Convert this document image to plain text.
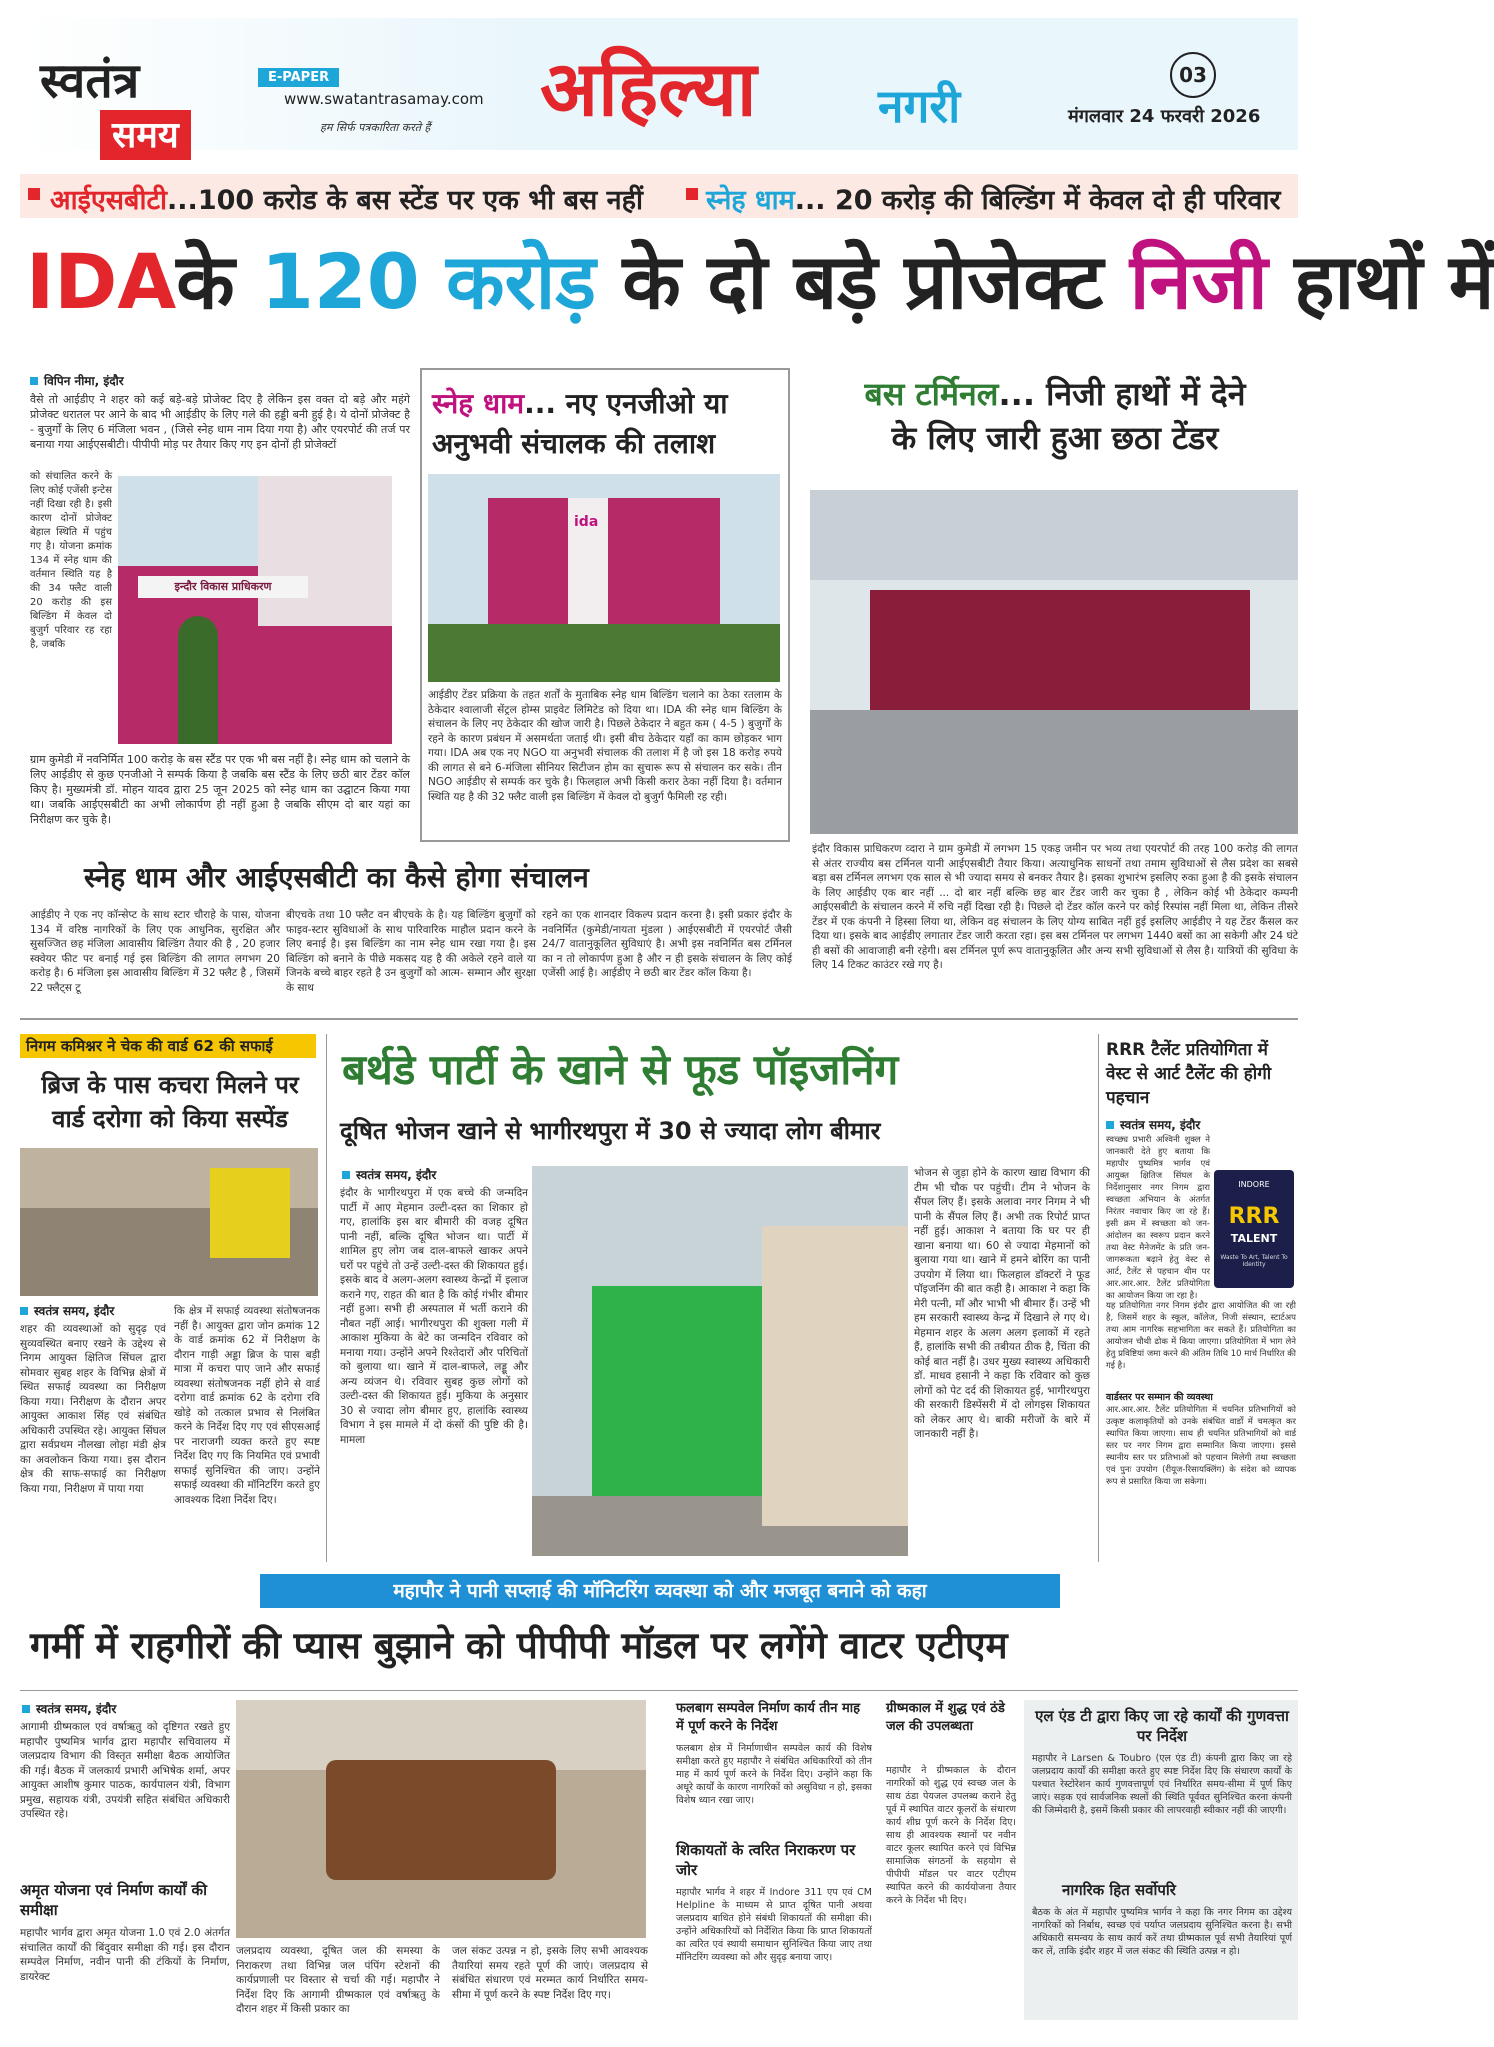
स्वतंत्र
समय
E-PAPER
www.swatantrasamay.com
हम सिर्फ पत्रकारिता करते हैं अहिल्या	नगरी
03
मंगलवार 24 फरवरी 2026
आईएसबीटी...100 करोड के बस स्टेंड पर एक भी बस नहीं स्नेह धाम... 20 करोड़ की बिल्डिंग में केवल दो ही परिवार
IDAके 120 करोड़ के दो बड़े प्रोजेक्ट निजी हाथों में
विपिन नीमा, इंदौर
वैसे तो आईडीए ने शहर को कई बड़े-बड़े प्रोजेक्ट दिए है लेकिन इस वक्त दो बड़े और महंगे प्रोजेक्ट धरातल पर आने के बाद भी आईडीए के लिए गले की हड्डी बनी हुई है। ये दोनों प्रोजेक्ट है - बुजुर्गों के लिए 6 मंजिला भवन , (जिसे स्नेह धाम नाम दिया गया है) और एयरपोर्ट की तर्ज पर बनाया गया आईएसबीटी। पीपीपी मोड़ पर तैयार किए गए इन दोनों ही प्रोजेक्टों
को संचालित करने के लिए कोई एजेंसी इन्टेस नहीं दिखा रही है। इसी कारण दोनों प्रोजेक्ट बेहाल स्थिति में पहुंच गए है। योजना क्रमांक 134 में स्नेह धाम की वर्तमान स्थिति यह है की 34 फ्लैट वाली 20 करोड़ की इस बिल्डिंग में केवल दो बुजुर्ग परिवार रह रहा है, जबकि
इन्दौर विकास प्राधिकरण
ग्राम कुमेडी में नवनिर्मित 100 करोड़ के बस स्टैंड पर एक भी बस नहीं है। स्नेह धाम को चलाने के लिए आईडीए से कुछ एनजीओ ने सम्पर्क किया है जबकि बस स्टैंड के लिए छठी बार टेंडर कॉल किए है। मुख्यमंत्री डॉ. मोहन यादव द्वारा 25 जून 2025 को स्नेह धाम का उद्घाटन किया गया था। जबकि आईएसबीटी का अभी लोकार्पण ही नहीं हुआ है जबकि सीएम दो बार यहां का निरीक्षण कर चुके है।
स्नेह धाम... नए एनजीओ या अनुभवी संचालक की तलाश
ida
आईडीए टेंडर प्रक्रिया के तहत शर्तों के मुताबिक स्नेह धाम बिल्डिंग चलाने का ठेका रतलाम के ठेकेदार श्वालाजी सेंट्रल होम्स प्राइवेट लिमिटेड को दिया था। IDA की स्नेह धाम बिल्डिंग के संचालन के लिए नए ठेकेदार की खोज जारी है। पिछले ठेकेदार ने बहुत कम ( 4-5 ) बुजुर्गों के रहने के कारण प्रबंधन में असमर्थता जताई थी। इसी बीच ठेकेदार यहाँ का काम छोड़कर भाग गया। IDA अब एक नए NGO या अनुभवी संचालक की तलाश में है जो इस 18 करोड़ रुपये की लागत से बने 6-मंजिला सीनियर सिटीजन होम का सुचारू रूप से संचालन कर सके। तीन NGO आईडीए से सम्पर्क कर चुके है। फिलहाल अभी किसी करार ठेका नहीं दिया है। वर्तमान स्थिति यह है की 32 फ्लैट वाली इस बिल्डिंग में केवल दो बुजुर्ग फैमिली रह रही।
बस टर्मिनल... निजी हाथों में देने
के लिए जारी हुआ छठा टेंडर
इंदौर विकास प्राधिकरण व्दारा ने ग्राम कुमेडी में लगभग 15 एकड़ जमीन पर भव्य तथा एयरपोर्ट की तरह 100 करोड़ की लागत से अंतर राज्यीय बस टर्मिनल यानी आईएसबीटी तैयार किया। अत्याधुनिक साधनों तथा तमाम सुविधाओं से लैस प्रदेश का सबसे बड़ा बस टर्मिनल लगभग एक साल से भी ज्यादा समय से बनकर तैयार है। इसका शुभारंभ इसलिए रुका हुआ है की इसके संचालन के लिए आईडीए एक बार नहीं ... दो बार नहीं बल्कि छह बार टेंडर जारी कर चुका है , लेकिन कोई भी ठेकेदार कम्पनी आईएसबीटी के संचालन करने में रुचि नहीं दिखा रही है। पिछले दो टेंडर कॉल करने पर कोई रिस्पांस नहीं मिला था, लेकिन तीसरे टेंडर में एक कंपनी ने हिस्सा लिया था, लेकिन वह संचालन के लिए योग्य साबित नहीं हुई इसलिए आईडीए ने यह टेंडर कैंसल कर दिया था। इसके बाद आईडीए लगातार टेंडर जारी करता रहा। इस बस टर्मिनल पर लगभग 1440 बसों का आ सकेगी और 24 घंटे ही बसों की आवाजाही बनी रहेगी। बस टर्मिनल पूर्ण रूप वातानुकूलित और अन्य सभी सुविधाओं से लैस है। यात्रियों की सुविधा के लिए 14 टिकट काउंटर रखे गए है।
स्नेह धाम और आईएसबीटी का कैसे होगा संचालन
आईडीए ने एक नए कॉन्सेप्ट के साथ स्टार चौराहे के पास, योजना 134 में वरिष्ठ नागरिकों के लिए एक आधुनिक, सुरक्षित और सुसज्जित छह मंजिला आवासीय बिल्डिंग तैयार की है , 20 हजार स्क्वेयर फीट पर बनाई गई इस बिल्डिंग की लागत लगभग 20 करोड़ है। 6 मंजिला इस आवासीय बिल्डिंग में 32 फ्लैट है , जिसमें 22 फ्लैट्स टू
बीएचके तथा 10 फ्लैट वन बीएचके के है। यह बिल्डिंग बुजुर्गों को फाइव-स्टार सुविधाओं के साथ पारिवारिक माहौल प्रदान करने के लिए बनाई है। इस बिल्डिंग का नाम स्नेह धाम रखा गया है। इस बिल्डिंग को बनाने के पीछे मकसद यह है की अकेले रहने वाले या जिनके बच्चे बाहर रहते है उन बुजुर्गों को आत्म- सम्मान और सुरक्षा के साथ
रहने का एक शानदार विकल्प प्रदान करना है। इसी प्रकार इंदौर के नवनिर्मित (कुमेडी/नायता मुंडला ) आईएसबीटी में एयरपोर्ट जैसी 24/7 वातानुकूलित सुविधाएं है। अभी इस नवनिर्मित बस टर्मिनल का न तो लोकार्पण हुआ है और न ही इसके संचालन के लिए कोई एजेंसी आई है। आईडीए ने छठी बार टेंडर कॉल किया है।
निगम कमिश्नर ने चेक की वार्ड 62 की सफाई
ब्रिज के पास कचरा मिलने पर वार्ड दरोगा को किया सस्पेंड
स्वतंत्र समय, इंदौर
शहर की व्यवस्थाओं को सुदृढ़ एवं सुव्यवस्थित बनाए रखने के उद्देश्य से निगम आयुक्त क्षितिज सिंघल द्वारा सोमवार सुबह शहर के विभिन्न क्षेत्रों में स्थित सफाई व्यवस्था का निरीक्षण किया गया। निरीक्षण के दौरान अपर आयुक्त आकाश सिंह एवं संबंधित अधिकारी उपस्थित रहे। आयुक्त सिंघल द्वारा सर्वप्रथम नौलखा लोहा मंडी क्षेत्र का अवलोकन किया गया। इस दौरान क्षेत्र की साफ-सफाई का निरीक्षण किया गया, निरीक्षण में पाया गया
कि क्षेत्र में सफाई व्यवस्था संतोषजनक नहीं है। आयुक्त द्वारा जोन क्रमांक 12 के वार्ड क्रमांक 62 में निरीक्षण के दौरान गाड़ी अड्डा ब्रिज के पास बड़ी मात्रा में कचरा पाए जाने और सफाई व्यवस्था संतोषजनक नहीं होने से वार्ड दरोगा वार्ड क्रमांक 62 के दरोगा रवि खोड़े को तत्काल प्रभाव से निलंबित करने के निर्देश दिए गए एवं सीएसआई पर नाराजगी व्यक्त करते हुए स्पष्ट निर्देश दिए गए कि नियमित एवं प्रभावी सफाई सुनिश्चित की जाए। उन्होंने सफाई व्यवस्था की मॉनिटरिंग करते हुए आवश्यक दिशा निर्देश दिए।
बर्थडे पार्टी के खाने से फूड पॉइजनिंग
दूषित भोजन खाने से भागीरथपुरा में 30 से ज्यादा लोग बीमार
स्वतंत्र समय, इंदौर
इंदौर के भागीरथपुरा में एक बच्चे की जन्मदिन पार्टी में आए मेहमान उल्टी-दस्त का शिकार हो गए, हालांकि इस बार बीमारी की वजह दूषित पानी नहीं, बल्कि दूषित भोजन था। पार्टी में शामिल हुए लोग जब दाल-बाफले खाकर अपने घरों पर पहुंचे तो उन्हें उल्टी-दस्त की शिकायत हुई। इसके बाद वे अलग-अलग स्वास्थ्य केन्द्रों में इलाज कराने गए, राहत की बात है कि कोई गंभीर बीमार नहीं हुआ। सभी ही अस्पताल में भर्ती कराने की नौबत नहीं आई। भागीरथपुरा की शुक्ला गली में आकाश मुकिया के बेटे का जन्मदिन रविवार को मनाया गया। उन्होंने अपने रिश्तेदारों और परिचितों को बुलाया था। खाने में दाल-बाफले, लड्डू और अन्य व्यंजन थे। रविवार सुबह कुछ लोगों को उल्टी-दस्त की शिकायत हुई। मुकिया के अनुसार 30 से ज्यादा लोग बीमार हुए, हालांकि स्वास्थ्य विभाग ने इस मामले में दो कंसों की पुष्टि की है। मामला
भोजन से जुड़ा होने के कारण खाद्य विभाग की टीम भी चौक पर पहुंची। टीम ने भोजन के सैंपल लिए हैं। इसके अलावा नगर निगम ने भी पानी के सैंपल लिए हैं। अभी तक रिपोर्ट प्राप्त नहीं हुई। आकाश ने बताया कि घर पर ही खाना बनाया था। 60 से ज्यादा मेहमानों को बुलाया गया था। खाने में हमने बोरिंग का पानी उपयोग में लिया था। फिलहाल डॉक्टरों ने फूड पॉइजनिंग की बात कही है। आकाश ने कहा कि मेरी पत्नी, माँ और भाभी भी बीमार हैं। उन्हें भी हम सरकारी स्वास्थ्य केन्द्र में दिखाने ले गए थे। मेहमान शहर के अलग अलग इलाकों में रहते हैं, हालांकि सभी की तबीयत ठीक है, चिंता की कोई बात नहीं है। उधर मुख्य स्वास्थ्य अधिकारी डॉ. माधव हसानी ने कहा कि रविवार को कुछ लोगों को पेट दर्द की शिकायत हुई, भागीरथपुरा की सरकारी डिस्पेंसरी में दो लोगइस शिकायत को लेकर आए थे। बाकी मरीजों के बारे में जानकारी नहीं है।
RRR टैलेंट प्रतियोगिता में वेस्ट से आर्ट टैलेंट की होगी पहचान
स्वतंत्र समय, इंदौर
स्वच्छ्य प्रभारी अश्विनी शुक्ल ने जानकारी देते हुए बताया कि महापौर पुष्यमित्र भार्गव एवं आयुक्त क्षितिज सिंघल के निर्देशानुसार नगर निगम द्वारा स्वच्छता अभियान के अंतर्गत निरंतर नवाचार किए जा रहे हैं। इसी क्रम में स्वच्छता को जन-आंदोलन का स्वरूप प्रदान करने तथा वेस्ट मैनेजमेंट के प्रति जन-जागरूकता बढ़ाने हेतु वेस्ट से आर्ट, टैलेंट से पहचान थीम पर आर.आर.आर. टैलेंट प्रतियोगिता का आयोजन किया जा रहा है।
INDORE
RRR
TALENT
Waste To Art, Talent To Identity
यह प्रतियोगिता नगर निगम इंदौर द्वारा आयोजित की जा रही है, जिसमें शहर के स्कूल, कॉलेज, निजी संस्थान, स्टार्टअप तथा आम नागरिक सहभागिता कर सकते हैं। प्रतियोगिता का आयोजन चौथी ढोक में किया जाएगा। प्रतियोगिता में भाग लेने हेतु प्रविष्टियां जमा करने की अंतिम तिथि 10 मार्च निर्धारित की गई है।
वार्डस्तर पर सम्मान की व्यवस्था
आर.आर.आर. टैलेंट प्रतियोगिता में चयनित प्रतिभागियों को उत्कृष्ट कलाकृतियों को उनके संबंधित वार्डों में चमत्कृत कर स्थापित किया जाएगा। साथ ही चयनित प्रतिभागियों को वार्ड स्तर पर नगर निगम द्वारा सम्मानित किया जाएगा। इससे स्थानीय स्तर पर प्रतिभाओं को पहचान मिलेगी तथा स्वच्छता एवं पुनः उपयोग (रीयूज-रिसायक्लिंग) के संदेश को व्यापक रूप से प्रसारित किया जा सकेगा।
महापौर ने पानी सप्लाई की मॉनिटरिंग व्यवस्था को और मजबूत बनाने को कहा
गर्मी में राहगीरों की प्यास बुझाने को पीपीपी मॉडल पर लगेंगे वाटर एटीएम
स्वतंत्र समय, इंदौर
आगामी ग्रीष्मकाल एवं वर्षाऋतु को दृष्टिगत रखते हुए महापौर पुष्यमित्र भार्गव द्वारा महापौर सचिवालय में जलप्रदाय विभाग की विस्तृत समीक्षा बैठक आयोजित की गई। बैठक में जलकार्य प्रभारी अभिषेक शर्मा, अपर आयुक्त आशीष कुमार पाठक, कार्यपालन यंत्री, विभाग प्रमुख, सहायक यंत्री, उपयंत्री सहित संबंधित अधिकारी उपस्थित रहे।
अमृत योजना एवं निर्माण कार्यों की समीक्षा
महापौर भार्गव द्वारा अमृत योजना 1.0 एवं 2.0 अंतर्गत संचालित कार्यों की बिंदुवार समीक्षा की गई। इस दौरान सम्पवेल निर्माण, नवीन पानी की टंकियों के निर्माण, डायरेक्ट
जलप्रदाय व्यवस्था, दूषित जल की समस्या के निराकरण तथा विभिन्न जल पंपिंग स्टेशनों की कार्यप्रणाली पर विस्तार से चर्चा की गई। महापौर ने निर्देश दिए कि आगामी ग्रीष्मकाल एवं वर्षाऋतु के दौरान शहर में किसी प्रकार का
जल संकट उत्पन्न न हो, इसके लिए सभी आवश्यक तैयारियां समय रहते पूर्ण की जाएं। जलप्रदाय से संबंधित संधारण एवं मरम्मत कार्य निर्धारित समय-सीमा में पूर्ण करने के स्पष्ट निर्देश दिए गए।
फलबाग सम्पवेल निर्माण कार्य तीन माह में पूर्ण करने के निर्देश
फलबाग क्षेत्र में निर्माणाधीन सम्पवेल कार्य की विशेष समीक्षा करते हुए महापौर ने संबंधित अधिकारियों को तीन माह में कार्य पूर्ण करने के निर्देश दिए। उन्होंने कहा कि अधूरे कार्यों के कारण नागरिकों को असुविधा न हो, इसका विशेष ध्यान रखा जाए।
शिकायतों के त्वरित निराकरण पर जोर
महापौर भार्गव ने शहर में Indore 311 एप एवं CM Helpline के माध्यम से प्राप्त दूषित पानी अथवा जलप्रदाय बाधित होने संबंधी शिकायतों की समीक्षा की। उन्होंने अधिकारियों को निर्देशित किया कि प्राप्त शिकायतों का त्वरित एवं स्थायी समाधान सुनिश्चित किया जाए तथा मॉनिटरिंग व्यवस्था को और सुदृढ़ बनाया जाए।
ग्रीष्मकाल में शुद्ध एवं ठंडे जल की उपलब्धता
महापौर ने ग्रीष्मकाल के दौरान नागरिकों को शुद्ध एवं स्वच्छ जल के साथ ठंडा पेयजल उपलब्ध कराने हेतु पूर्व में स्थापित वाटर कूलरों के संधारण कार्य शीघ्र पूर्ण करने के निर्देश दिए। साथ ही आवश्यक स्थानों पर नवीन वाटर कूलर स्थापित करने एवं विभिन्न सामाजिक संगठनों के सहयोग से पीपीपी मॉडल पर वाटर एटीएम स्थापित करने की कार्ययोजना तैयार करने के निर्देश भी दिए।
एल एंड टी द्वारा किए जा रहे कार्यों की गुणवत्ता पर निर्देश
महापौर ने Larsen & Toubro (एल एंड टी) कंपनी द्वारा किए जा रहे जलप्रदाय कार्यों की समीक्षा करते हुए स्पष्ट निर्देश दिए कि संधारण कार्यों के पश्चात रेस्टोरेशन कार्य गुणवत्तापूर्ण एवं निर्धारित समय-सीमा में पूर्ण किए जाएं। सड़क एवं सार्वजनिक स्थलों की स्थिति पूर्ववत सुनिश्चित करना कंपनी की जिम्मेदारी है, इसमें किसी प्रकार की लापरवाही स्वीकार नहीं की जाएगी।
नागरिक हित सर्वोपरि
बैठक के अंत में महापौर पुष्यमित्र भार्गव ने कहा कि नगर निगम का उद्देश्य नागरिकों को निर्बाध, स्वच्छ एवं पर्याप्त जलप्रदाय सुनिश्चित करना है। सभी अधिकारी समन्वय के साथ कार्य करें तथा ग्रीष्मकाल पूर्व सभी तैयारियां पूर्ण कर लें, ताकि इंदौर शहर में जल संकट की स्थिति उत्पन्न न हो।
